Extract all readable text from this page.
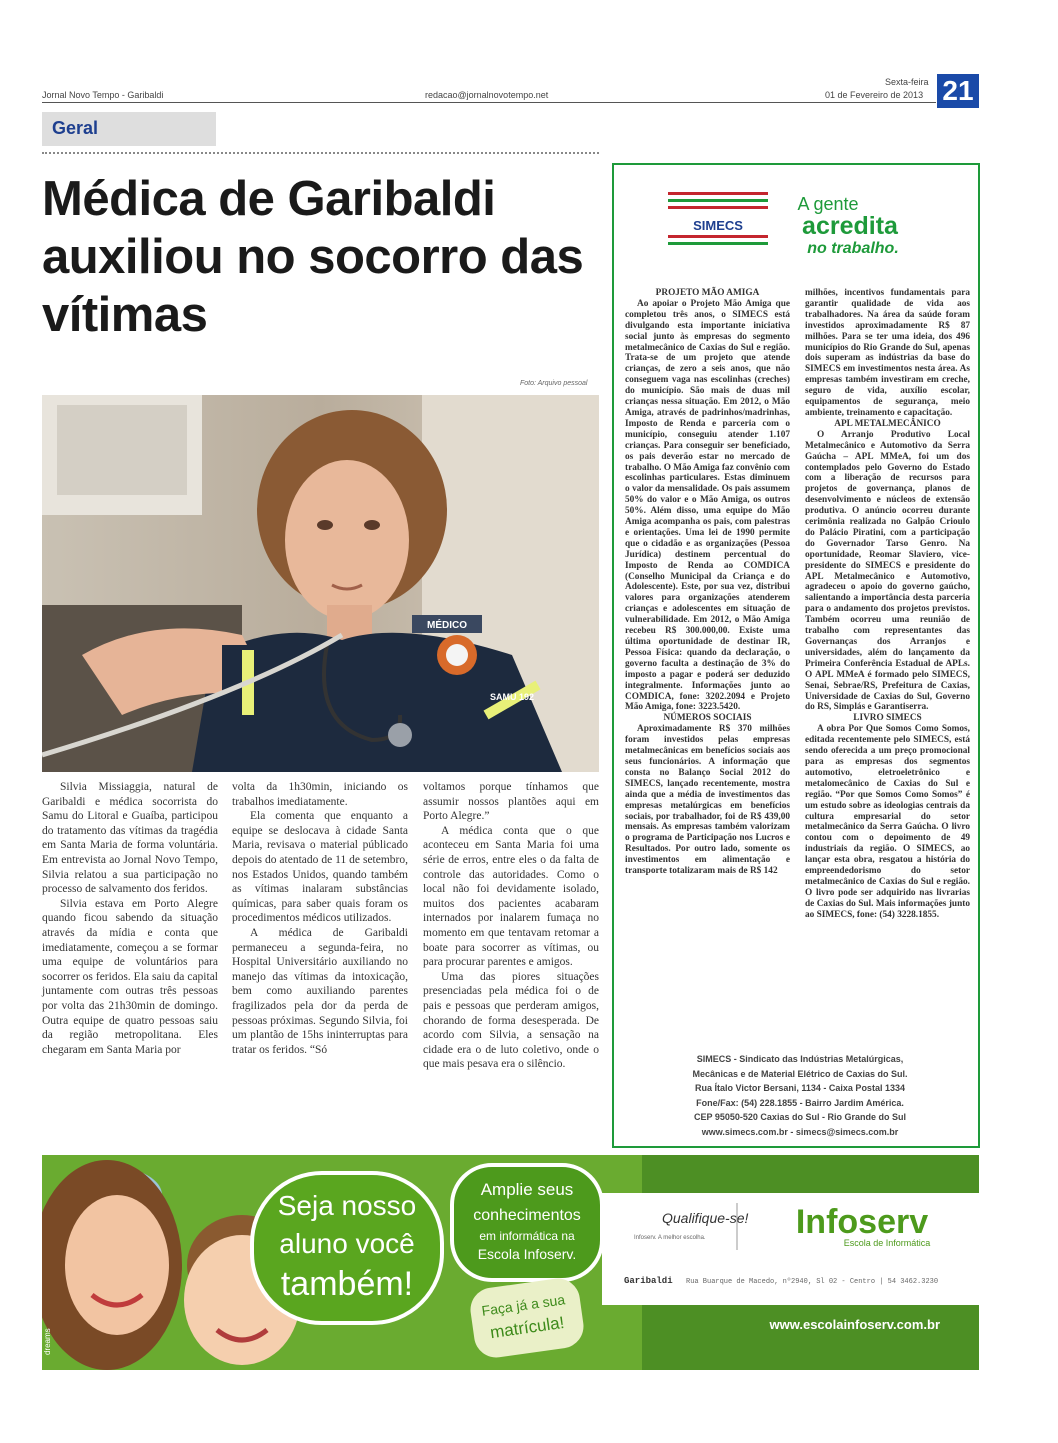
Jornal Novo Tempo - Garibaldi	redacao@jornalnovotempo.net
Sexta-feira
01 de Fevereiro de 2013 21
Geral
Médica de Garibaldi auxiliou no socorro das vítimas
Foto: Arquivo pessoal
MÉDICO
SAMU 192

Silvia Missiaggia, natural de Garibaldi e médica socorrista do Samu do Litoral e Guaíba, participou do tratamento das vítimas da tragédia em Santa Maria de forma voluntária. Em entrevista ao Jornal Novo Tempo, Silvia relatou a sua participação no processo de salvamento dos feridos.

Silvia estava em Porto Alegre quando ficou sabendo da situação através da mídia e conta que imediatamente, começou a se formar uma equipe de voluntários para socorrer os feridos. Ela saiu da capital juntamente com outras três pessoas por volta das 21h30min de domingo. Outra equipe de quatro pessoas saiu da região metropolitana. Eles chegaram em Santa Maria por

volta da 1h30min, iniciando os trabalhos imediatamente.

Ela comenta que enquanto a equipe se deslocava à cidade Santa Maria, revisava o material públicado depois do atentado de 11 de setembro, nos Estados Unidos, quando também as vítimas inalaram substâncias químicas, para saber quais foram os procedimentos médicos utilizados.

A médica de Garibaldi permaneceu a segunda-feira, no Hospital Universitário auxiliando no manejo das vítimas da intoxicação, bem como auxiliando parentes fragilizados pela dor da perda de pessoas próximas. Segundo Silvia, foi um plantão de 15hs ininterruptas para tratar os feridos. “Só

voltamos porque tínhamos que assumir nossos plantões aqui em Porto Alegre.”

A médica conta que o que aconteceu em Santa Maria foi uma série de erros, entre eles o da falta de controle das autoridades. Como o local não foi devidamente isolado, muitos dos pacientes acabaram internados por inalarem fumaça no momento em que tentavam retomar a boate para socorrer as vítimas, ou para procurar parentes e amigos.

Uma das piores situações presenciadas pela médica foi o de pais e pessoas que perderam amigos, chorando de forma desesperada. De acordo com Silvia, a sensação na cidade era o de luto coletivo, onde o que mais pesava era o silêncio.

SIMECS
A gente
acredita
no trabalho.
PROJETO MÃO AMIGA

Ao apoiar o Projeto Mão Amiga que completou três anos, o SIMECS está divulgando esta importante iniciativa social junto às empresas do segmento metalmecânico de Caxias do Sul e região. Trata-se de um projeto que atende crianças, de zero a seis anos, que não conseguem vaga nas escolinhas (creches) do município. São mais de duas mil crianças nessa situação. Em 2012, o Mão Amiga, através de padrinhos/madrinhas, Imposto de Renda e parceria com o município, conseguiu atender 1.107 crianças. Para conseguir ser beneficiado, os pais deverão estar no mercado de trabalho. O Mão Amiga faz convênio com escolinhas particulares. Estas diminuem o valor da mensalidade. Os pais assumem 50% do valor e o Mão Amiga, os outros 50%. Além disso, uma equipe do Mão Amiga acompanha os pais, com palestras e orientações. Uma lei de 1990 permite que o cidadão e as organizações (Pessoa Jurídica) destinem percentual do Imposto de Renda ao COMDICA (Conselho Municipal da Criança e do Adolescente). Este, por sua vez, distribui valores para organizações atenderem crianças e adolescentes em situação de vulnerabilidade. Em 2012, o Mão Amiga recebeu R$ 300.000,00. Existe uma última oportunidade de destinar IR, Pessoa Física: quando da declaração, o governo faculta a destinação de 3% do imposto a pagar e poderá ser deduzido integralmente. Informações junto ao COMDICA, fone: 3202.2094 e Projeto Mão Amiga, fone: 3223.5420.

NÚMEROS SOCIAIS

Aproximadamente R$ 370 milhões foram investidos pelas empresas metalmecânicas em benefícios sociais aos seus funcionários. A informação que consta no Balanço Social 2012 do SIMECS, lançado recentemente, mostra ainda que a média de investimentos das empresas metalúrgicas em benefícios sociais, por trabalhador, foi de R$ 439,00 mensais. As empresas também valorizam o programa de Participação nos Lucros e Resultados. Por outro lado, somente os investimentos em alimentação e transporte totalizaram mais de R$ 142

milhões, incentivos fundamentais para garantir qualidade de vida aos trabalhadores. Na área da saúde foram investidos aproximadamente R$ 87 milhões. Para se ter uma ideia, dos 496 municípios do Rio Grande do Sul, apenas dois superam as indústrias da base do SIMECS em investimentos nesta área. As empresas também investiram em creche, seguro de vida, auxílio escolar, equipamentos de segurança, meio ambiente, treinamento e capacitação.

APL METALMECÂNICO

O Arranjo Produtivo Local Metalmecânico e Automotivo da Serra Gaúcha – APL MMeA, foi um dos contemplados pelo Governo do Estado com a liberação de recursos para projetos de governança, planos de desenvolvimento e núcleos de extensão produtiva. O anúncio ocorreu durante cerimônia realizada no Galpão Crioulo do Palácio Piratini, com a participação do Governador Tarso Genro. Na oportunidade, Reomar Slaviero, vice-presidente do SIMECS e presidente do APL Metalmecânico e Automotivo, agradeceu o apoio do governo gaúcho, salientando a importância desta parceria para o andamento dos projetos previstos. Também ocorreu uma reunião de trabalho com representantes das Governanças dos Arranjos e universidades, além do lançamento da Primeira Conferência Estadual de APLs. O APL MMeA é formado pelo SIMECS, Senai, Sebrae/RS, Prefeitura de Caxias, Universidade de Caxias do Sul, Governo do RS, Simplás e Garantiserra.

LIVRO SIMECS

A obra Por Que Somos Como Somos, editada recentemente pelo SIMECS, está sendo oferecida a um preço promocional para as empresas dos segmentos automotivo, eletroeletrônico e metalomecânico de Caxias do Sul e região. “Por que Somos Como Somos” é um estudo sobre as ideologias centrais da cultura empresarial do setor metalmecânico da Serra Gaúcha. O livro contou com o depoimento de 49 industriais da região. O SIMECS, ao lançar esta obra, resgatou a história do empreendedorismo do setor metalmecânico de Caxias do Sul e região. O livro pode ser adquirido nas livrarias de Caxias do Sul. Mais informações junto ao SIMECS, fone: (54) 3228.1855.

SIMECS - Sindicato das Indústrias Metalúrgicas,
Mecânicas e de Material Elétrico de Caxias do Sul.
Rua Ítalo Victor Bersani, 1134 - Caixa Postal 1334
Fone/Fax: (54) 228.1855 - Bairro Jardim América.
CEP 95050-520 Caxias do Sul - Rio Grande do Sul
www.simecs.com.br - simecs@simecs.com.br
dreams
Seja nosso
aluno você
também!
Amplie seus
conhecimentos
em informática na
Escola Infoserv.
Faça já a sua
matrícula!
Qualifique-se!
Infoserv. A melhor escolha.	Infoserv
Escola de Informática
Garibaldi Rua Buarque de Macedo, nº2940, Sl 02 - Centro | 54 3462.3230
www.escolainfoserv.com.br
